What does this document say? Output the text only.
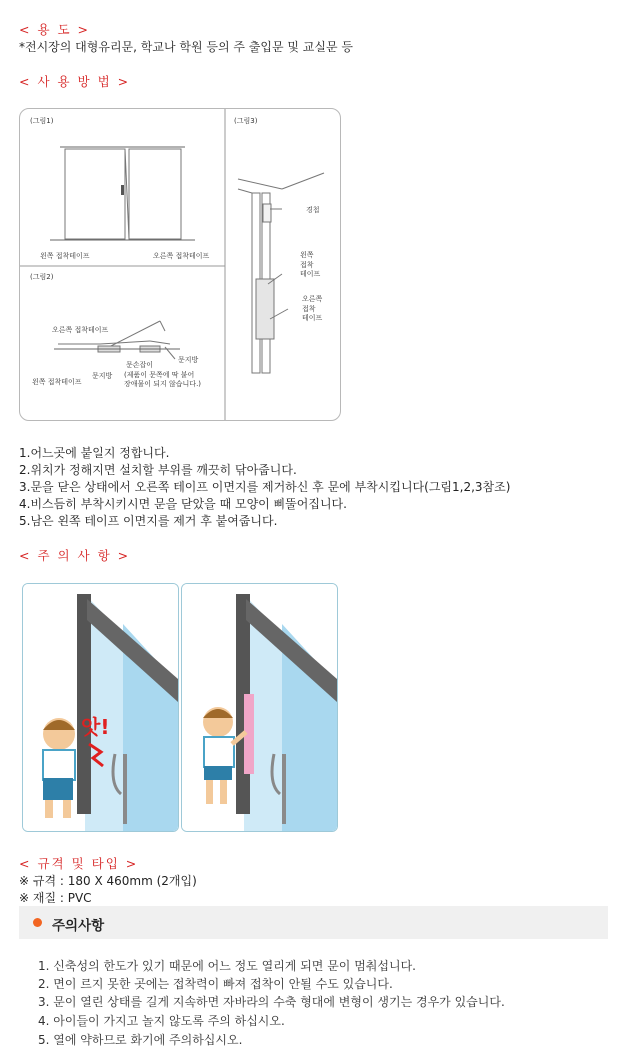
< 용 도 >
*전시장의 대형유리문, 학교나 학원 등의 주 출입문 및 교실문 등
< 사 용 방 법 >
(그림1)	(그림3)
(그림2)
왼쪽 접착테이프	오른쪽 접착테이프
오른쪽 접착테이프
왼쪽 접착테이프
문지방
문지방
문손잡이
(제품이 문쪽에 딱 붙어
장애물이 되지 않습니다.)
경첩
왼쪽
접착
테이프
오른쪽
접착
테이프
1.어느곳에 붙일지 정합니다.
2.위치가 정해지면 설치할 부위를 깨끗히 닦아줍니다.
3.문을 닫은 상태에서 오른쪽 테이프 이면지를 제거하신 후 문에 부착시킵니다(그림1,2,3참조)
4.비스듬히 부착시키시면 문을 닫았을 때 모양이 삐뚤어집니다.
5.남은 왼쪽 테이프 이면지를 제거 후 붙여줍니다.
< 주 의 사 항 >
앗!
< 규격 및 타입 >
※ 규격 : 180 X 460mm (2개입)
※ 재질 : PVC
주의사항
1. 신축성의 한도가 있기 때문에 어느 정도 열리게 되면 문이 멈춰섭니다.
2. 면이 르지 못한 곳에는 접착력이 빠져 접착이 안될 수도 있습니다.
3. 문이 열린 상태를 길게 지속하면 자바라의 수축 형대에 변형이 생기는 경우가 있습니다.
4. 아이들이 가지고 놀지 않도록 주의 하십시오.
5. 열에 약하므로 화기에 주의하십시오.
